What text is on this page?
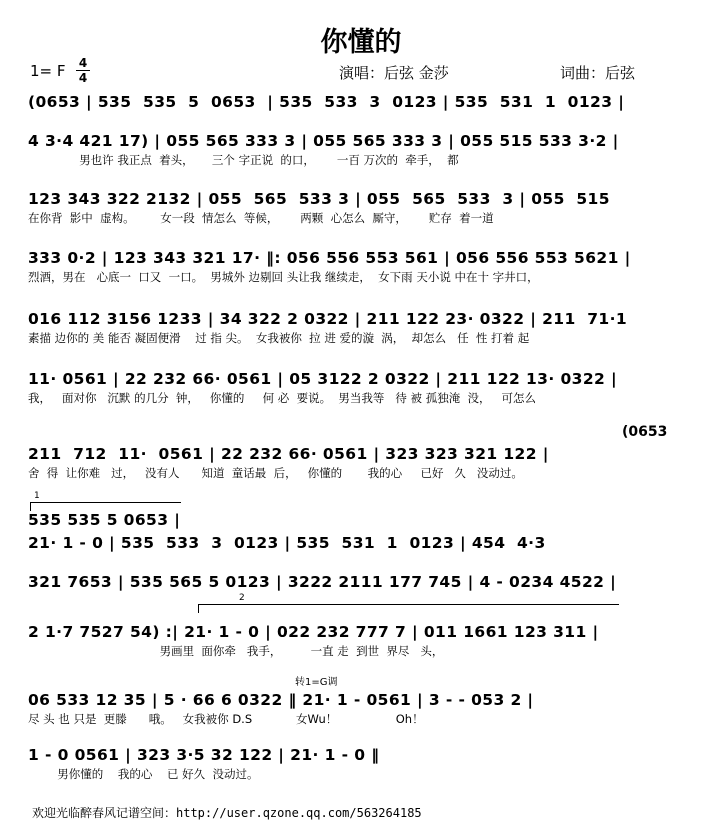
你懂的
1= F 4
4	演唱：后弦 金莎	词曲：后弦
(0653 | 535  535  5  0653  | 535  533  3  0123 | 535  531  1  0123 |
4 3·4 421 17) | 055 565 333 3 | 055 565 333 3 | 055 515 533 3·2 |
男也许 我正点  着头，     三个 字正说  的口，      一百 万次的  牵手，  都
123 343 322 2132 | 055  565  533 3 | 055  565  533  3 | 055  515
在你背  影中  虚构。       女一段  情怎么  等候，      两颗  心怎么  厮守，      贮存  着一道
333 0·2 | 123 343 321 17· ‖: 056 556 553 561 | 056 556 553 5621 |
烈酒，男在   心底一  口又  一口。  男城外 边剔回 头让我 继续走，  女下雨 天小说 中在十 字井口，
016 112 3156 1233 | 34 322 2 0322 | 211 122 23· 0322 | 211  71·1
素描 边你的 美 能否 凝固便滑    过 指 尖。  女我被你  拉 进 爱的漩  涡，  却怎么   任  性 打着 起
11· 0561 | 22 232 66· 0561 | 05 3122 2 0322 | 211 122 13· 0322 |
我，   面对你   沉默 的几分  钟，   你懂的     何 必  要说。  男当我等   待 被 孤独淹  没，   可怎么
(0653
211  712  11·  0561 | 22 232 66· 0561 | 323 323 321 122 |
舍  得  让你难   过，   没有人      知道  童话最  后，   你懂的       我的心     已好   久   没动过。
1
535 535 5 0653 |
21· 1 - 0 | 535  533  3  0123 | 535  531  1  0123 | 454  4·3
321 7653 | 535 565 5 0123 | 3222 2111 177 745 | 4 - 0234 4522 |
2
2 1·7 7527 54) :| 21· 1 - 0 | 022 232 777 7 | 011 1661 123 311 |
男画里  面你牵   我手，        一直 走  到世  界尽   头，
转1=G调
06 533 12 35 | 5 · 66 6 0322 ‖ 21· 1 - 0561 | 3 - - 053 2 |
尽 头 也 只是  更滕      哦。   女我被你 D.S            女Wu！                Oh！
1 - 0 0561 | 323 3·5 32 122 | 21· 1 - 0 ‖
男你懂的    我的心    已 好久  没动过。
欢迎光临醉春风记谱空间：http://user.qzone.qq.com/563264185
